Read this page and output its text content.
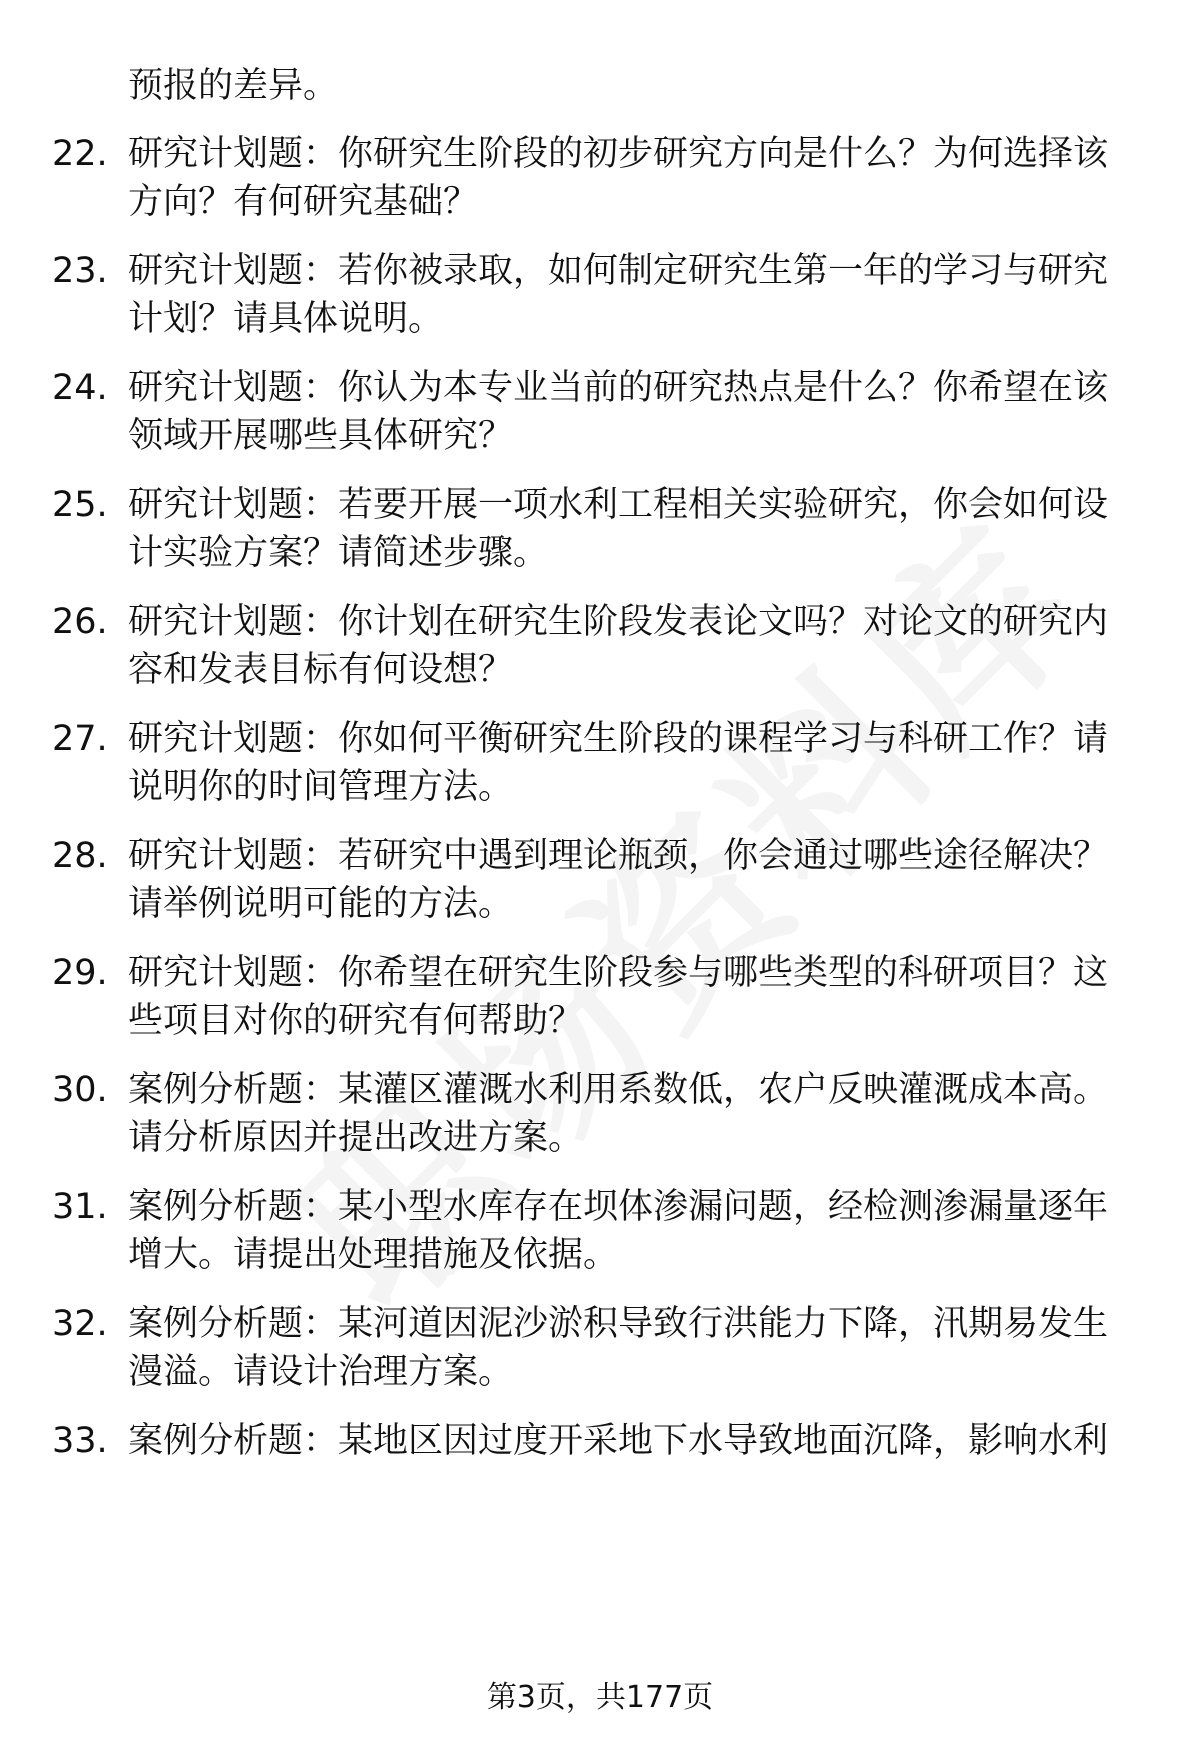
预报的差异。
22. 研究计划题：你研究生阶段的初步研究方向是什么？为何选择该
方向？有何研究基础？
23. 研究计划题：若你被录取，如何制定研究生第一年的学习与研究
计划？请具体说明。
24. 研究计划题：你认为本专业当前的研究热点是什么？你希望在该
领域开展哪些具体研究？
25. 研究计划题：若要开展一项水利工程相关实验研究，你会如何设
计实验方案？请简述步骤。
26. 研究计划题：你计划在研究生阶段发表论文吗？对论文的研究内
容和发表目标有何设想？
27. 研究计划题：你如何平衡研究生阶段的课程学习与科研工作？请
说明你的时间管理方法。
28. 研究计划题：若研究中遇到理论瓶颈，你会通过哪些途径解决？
请举例说明可能的方法。
29. 研究计划题：你希望在研究生阶段参与哪些类型的科研项目？这
些项目对你的研究有何帮助？
30. 案例分析题：某灌区灌溉水利用系数低，农户反映灌溉成本高。
请分析原因并提出改进方案。
31. 案例分析题：某小型水库存在坝体渗漏问题，经检测渗漏量逐年
增大。请提出处理措施及依据。
32. 案例分析题：某河道因泥沙淤积导致行洪能力下降，汛期易发生
漫溢。请设计治理方案。
33. 案例分析题：某地区因过度开采地下水导致地面沉降，影响水利
第3页，共177页
